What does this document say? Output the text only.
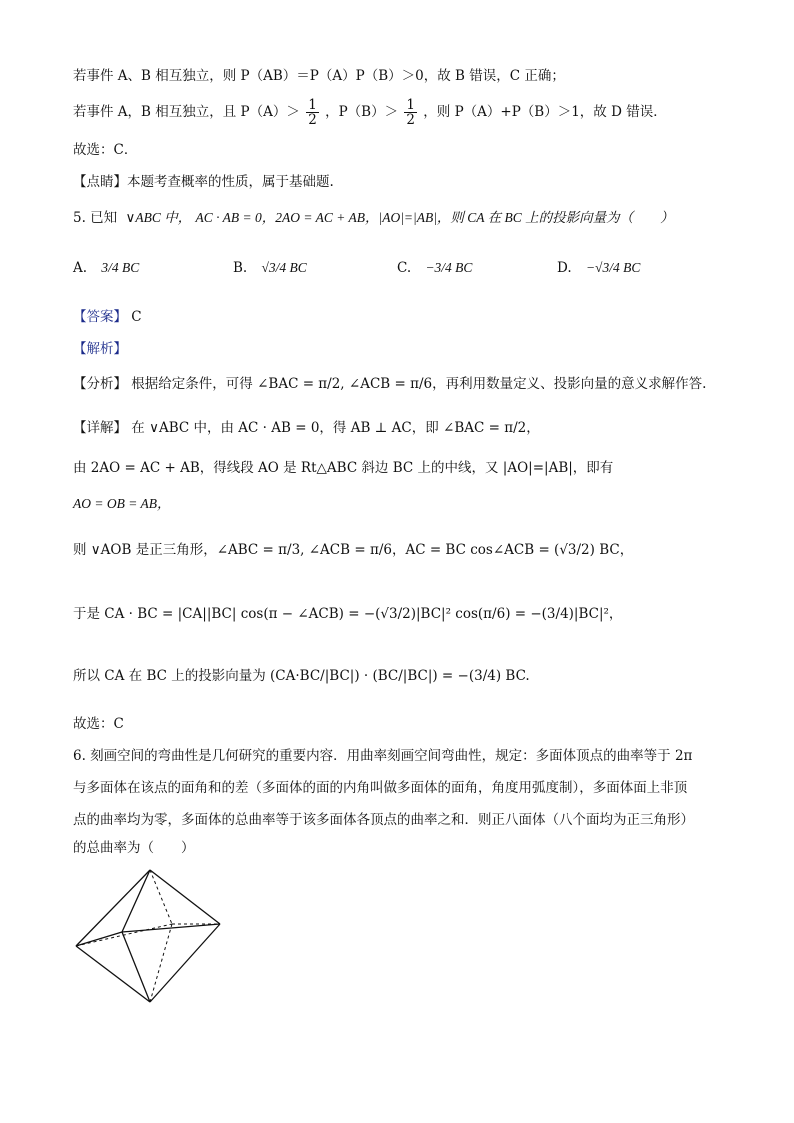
若事件 A、B 相互独立，则 P（AB）＝P（A）P（B）＞0，故 B 错误，C 正确；
若事件 A，B 相互独立，且 $P(A)> \frac{1}{2}$ ，$P(B)> \frac{1}{2}$ ，则 P（A）+P（B）＞1，故 D 错误．
故选：C．
【点睛】本题考查概率的性质，属于基础题.
5. 已知 ∨ABC 中， AC · AB = 0，2AO = AC + AB，|AO|=|AB|，则 CA 在 BC 上的投影向量为（　　）
A. 3/4 BC	B. √3/4 BC	C. −3/4 BC	D. −√3/4 BC
【答案】 C
【解析】
【分析】 根据给定条件，可得 ∠BAC = π/2, ∠ACB = π/6，再利用数量定义、投影向量的意义求解作答.
【详解】 在 ∨ABC 中，由 AC · AB = 0，得 AB ⊥ AC，即 ∠BAC = π/2，
由 2AO = AC + AB，得线段 AO 是 Rt△ABC 斜边 BC 上的中线，又 |AO|=|AB|，即有
AO = OB = AB，
则 ∨AOB 是正三角形，∠ABC = π/3, ∠ACB = π/6，AC = BC cos∠ACB = (√3/2) BC，
于是 CA · BC = |CA||BC| cos(π − ∠ACB) = −(√3/2)|BC|² cos(π/6) = −(3/4)|BC|²，
所以 CA 在 BC 上的投影向量为 (CA·BC/|BC|) · (BC/|BC|) = −(3/4) BC.
故选：C
6. 刻画空间的弯曲性是几何研究的重要内容．用曲率刻画空间弯曲性，规定：多面体顶点的曲率等于 2π
与多面体在该点的面角和的差（多面体的面的内角叫做多面体的面角，角度用弧度制），多面体面上非顶
点的曲率均为零，多面体的总曲率等于该多面体各顶点的曲率之和．则正八面体（八个面均为正三角形）
的总曲率为（　　）
